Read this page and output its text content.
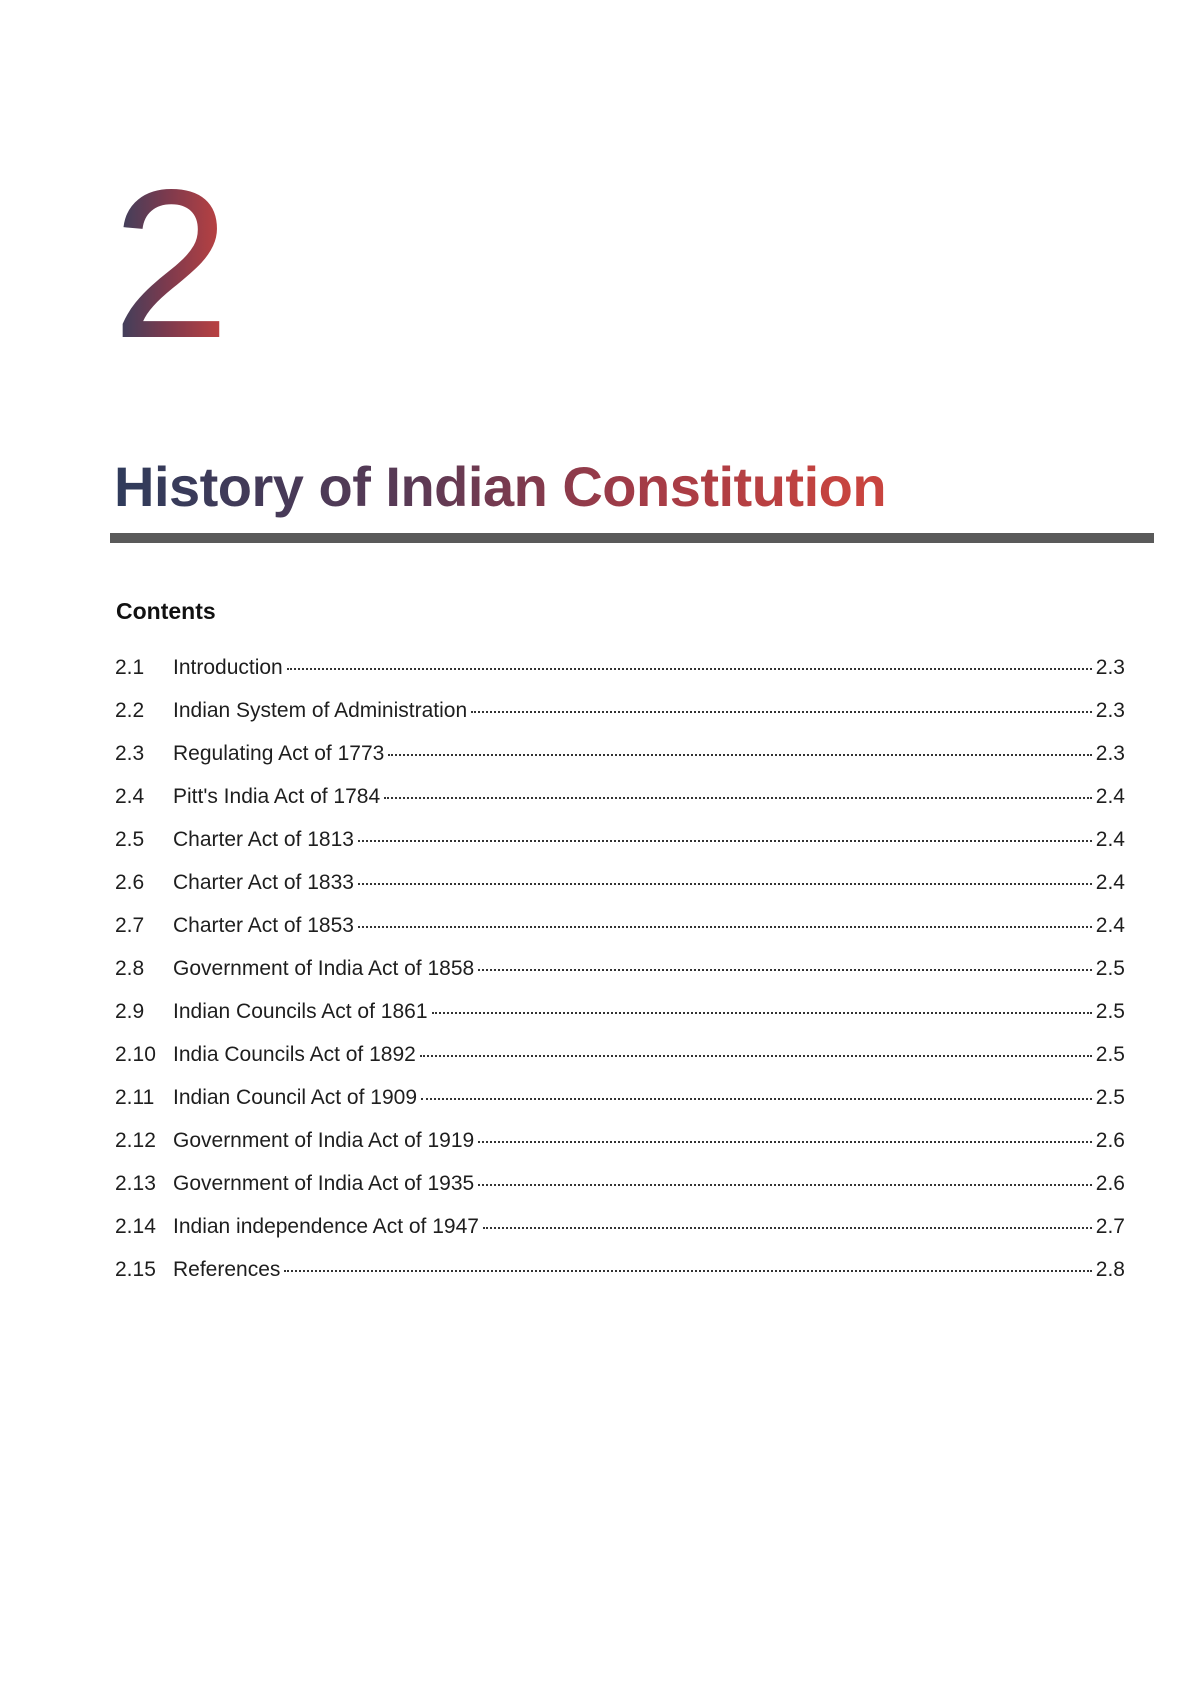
2
History of Indian Constitution
Contents
2.1	Introduction	2.3
2.2	Indian System of Administration	2.3
2.3	Regulating Act of 1773	2.3
2.4	Pitt's India Act of 1784	2.4
2.5	Charter Act of 1813	2.4
2.6	Charter Act of 1833	2.4
2.7	Charter Act of 1853	2.4
2.8	Government of India Act of 1858	2.5
2.9	Indian Councils Act of 1861	2.5
2.10 India Councils Act of 1892	2.5
2.11 Indian Council Act of 1909	2.5
2.12 Government of India Act of 1919	2.6
2.13 Government of India Act of 1935	2.6
2.14 Indian independence Act of 1947	2.7
2.15 References	2.8
